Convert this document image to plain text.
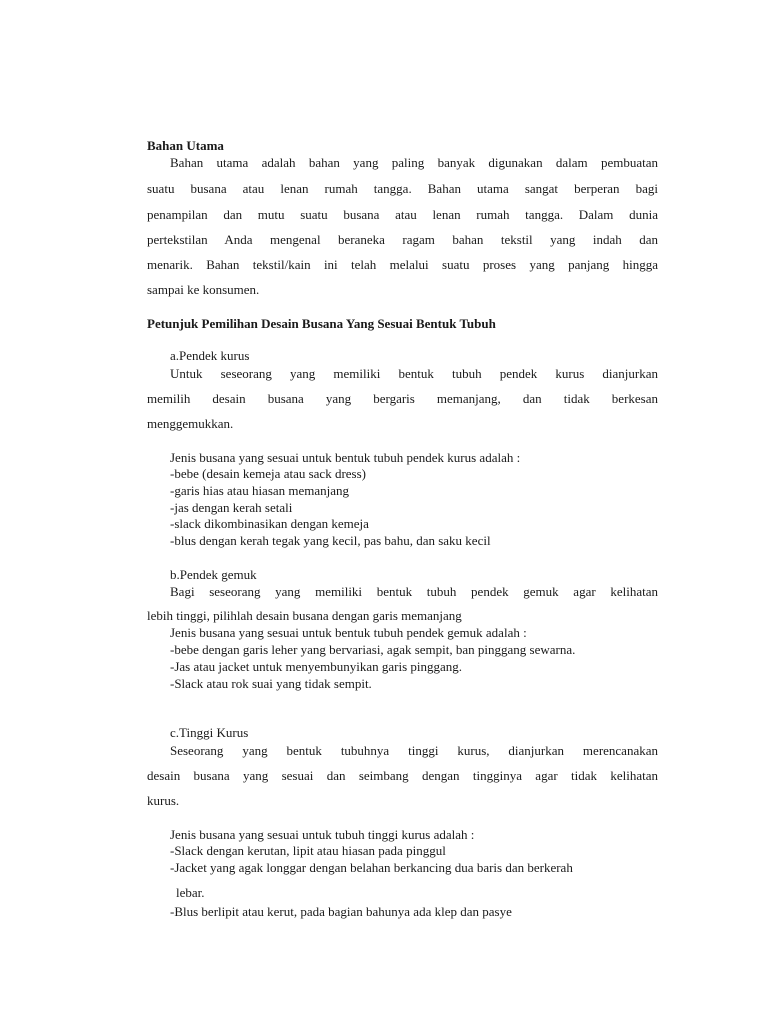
Bahan Utama
Bahan utama adalah bahan yang paling banyak digunakan dalam pembuatan
suatu busana atau lenan rumah tangga. Bahan utama sangat berperan bagi
penampilan dan mutu suatu busana atau lenan rumah tangga. Dalam dunia
pertekstilan Anda mengenal beraneka ragam bahan tekstil yang indah dan
menarik. Bahan tekstil/kain ini telah melalui suatu proses yang panjang hingga
sampai ke konsumen.
Petunjuk Pemilihan Desain Busana Yang Sesuai Bentuk Tubuh
a.Pendek kurus
Untuk seseorang yang memiliki bentuk tubuh pendek kurus dianjurkan
memilih desain busana yang bergaris memanjang, dan tidak berkesan
menggemukkan.
Jenis busana yang sesuai untuk bentuk tubuh pendek kurus adalah :
-bebe (desain kemeja atau sack dress)
-garis hias atau hiasan memanjang
-jas dengan kerah setali
-slack dikombinasikan dengan kemeja
-blus dengan kerah tegak yang kecil, pas bahu, dan saku kecil
b.Pendek gemuk
Bagi seseorang yang memiliki bentuk tubuh pendek gemuk agar kelihatan
lebih tinggi, pilihlah desain busana dengan garis memanjang
Jenis busana yang sesuai untuk bentuk tubuh pendek gemuk adalah :
-bebe dengan garis leher yang bervariasi, agak sempit, ban pinggang sewarna.
-Jas atau jacket untuk menyembunyikan garis pinggang.
-Slack atau rok suai yang tidak sempit.
c.Tinggi Kurus
Seseorang yang bentuk tubuhnya tinggi kurus, dianjurkan merencanakan
desain busana yang sesuai dan seimbang dengan tingginya agar tidak kelihatan
kurus.
Jenis busana yang sesuai untuk tubuh tinggi kurus adalah :
-Slack dengan kerutan, lipit atau hiasan pada pinggul
-Jacket yang agak longgar dengan belahan berkancing dua baris dan berkerah
lebar.
-Blus berlipit atau kerut, pada bagian bahunya ada klep dan pasye
